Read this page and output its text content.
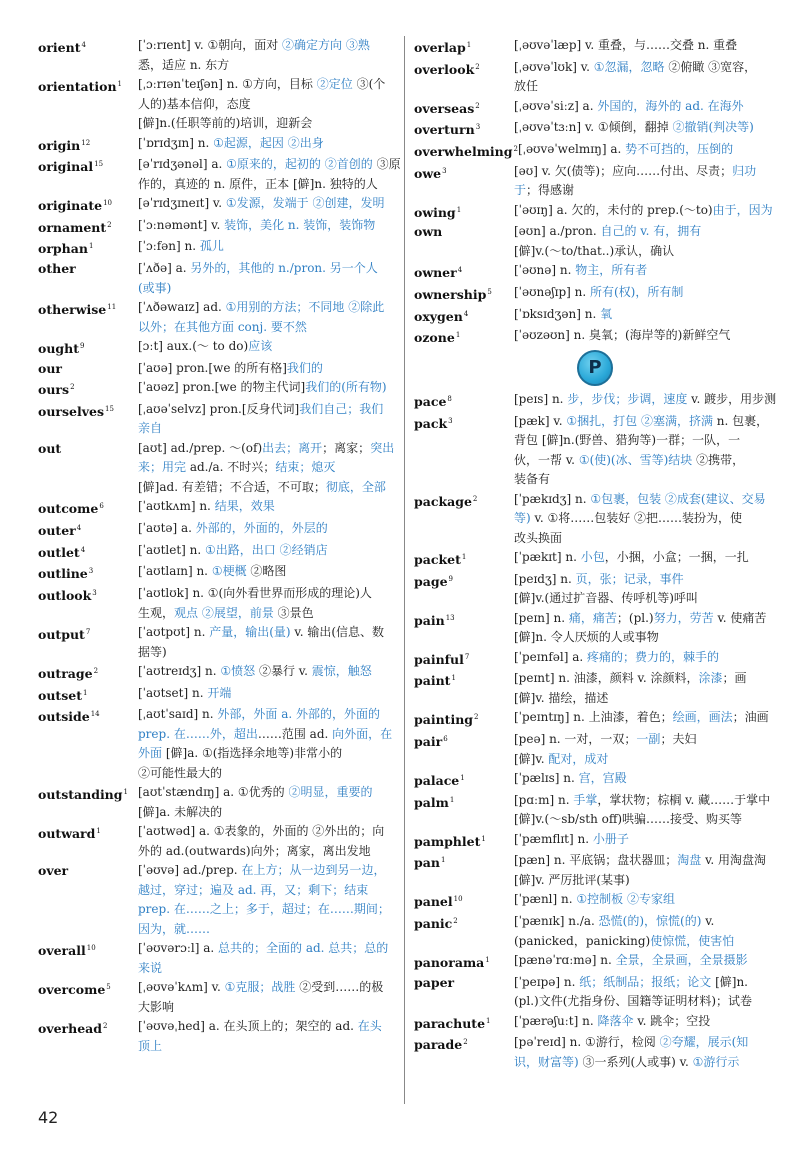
orient$^4$	[ˈɔːrɪent] v. ①朝向，面对 ②确定方向 ③熟
悉，适应 n. 东方
orientation$^1$	[ˌɔːrɪənˈteɪʃən] n. ①方向，目标 ②定位 ③(个
人的)基本信仰，态度
[僻]n.(任职等前的)培训，迎新会
origin$^{12}$	[ˈɒrɪdʒɪn] n. ①起源，起因 ②出身
original$^{15}$	[əˈrɪdʒənəl] a. ①原来的，起初的 ②首创的 ③原
作的，真迹的 n. 原件，正本 [僻]n. 独特的人
originate$^{10}$	[əˈrɪdʒɪneɪt] v. ①发源，发端于 ②创建，发明
ornament$^2$	[ˈɔːnəmənt] v. 装饰，美化 n. 装饰，装饰物
orphan$^1$	[ˈɔːfən] n. 孤儿
other	[ˈʌðə] a. 另外的，其他的 n./pron. 另一个人
(或事)
otherwise$^{11}$	[ˈʌðəwaɪz] ad. ①用别的方法；不同地 ②除此
以外；在其他方面 conj. 要不然
ought$^9$	[ɔːt] aux.(～ to do)应该
our	[ˈaʊə] pron.[we 的所有格]我们的
ours$^2$	[ˈaʊəz] pron.[we 的物主代词]我们的(所有物)
ourselves$^{15}$	[ˌaʊəˈselvz] pron.[反身代词]我们自己；我们
亲自
out	[aʊt] ad./prep. ～(of)出去；离开；离家；突出
来；用完 ad./a. 不时兴；结束；熄灭
[僻]ad. 有差错；不合适，不可取；彻底，全部
outcome$^6$	[ˈaʊtkʌm] n. 结果，效果
outer$^4$	[ˈaʊtə] a. 外部的，外面的，外层的
outlet$^4$	[ˈaʊtlet] n. ①出路，出口 ②经销店
outline$^3$	[ˈaʊtlaɪn] n. ①梗概 ②略图
outlook$^3$	[ˈaʊtlʊk] n. ①(向外看世界而形成的理论)人
生观，观点 ②展望，前景 ③景色
output$^7$	[ˈaʊtpʊt] n. 产量，输出(量) v. 输出(信息、数
据等)
outrage$^2$	[ˈaʊtreɪdʒ] n. ①愤怒 ②暴行 v. 震惊，触怒
outset$^1$	[ˈaʊtset] n. 开端
outside$^{14}$	[ˌaʊtˈsaɪd] n. 外部，外面 a. 外部的，外面的
prep. 在……外，超出……范围 ad. 向外面，在
外面 [僻]a. ①(指选择余地等)非常小的
②可能性最大的
outstanding$^1$ [aʊtˈstændɪŋ] a. ①优秀的 ②明显，重要的
[僻]a. 未解决的
outward$^1$	[ˈaʊtwəd] a. ①表象的，外面的 ②外出的；向
外的 ad.(outwards)向外；离家，离出发地
over	[ˈəʊvə] ad./prep. 在上方；从一边到另一边，
越过，穿过；遍及 ad. 再，又；剩下；结束
prep. 在……之上；多于，超过；在……期间；
因为，就……
overall$^{10}$	[ˈəʊvərɔːl] a. 总共的；全面的 ad. 总共；总的
来说
overcome$^5$	[ˌəʊvəˈkʌm] v. ①克服；战胜 ②受到……的极
大影响
overhead$^2$	[ˈəʊvəˌhed] a. 在头顶上的；架空的 ad. 在头
顶上
overlap$^1$	[ˌəʊvəˈlæp] v. 重叠，与……交叠 n. 重叠
overlook$^2$	[ˌəʊvəˈlʊk] v. ①忽漏，忽略 ②俯瞰 ③宽容，
放任
overseas$^2$	[ˌəʊvəˈsiːz] a. 外国的，海外的 ad. 在海外
overturn$^3$	[ˌəʊvəˈtɜːn] v. ①倾倒，翻掉 ②撤销(判决等)
overwhelming$^2$ [ˌəʊvəˈwelmɪŋ] a. 势不可挡的，压倒的
owe$^3$	[əʊ] v. 欠(债等)；应向……付出、尽责；归功
于；得感谢
owing$^1$	[ˈəʊɪŋ] a. 欠的，未付的 prep.(～to)由于，因为
own	[əʊn] a./pron. 自己的 v. 有，拥有
[僻]v.(～to/that..)承认，确认
owner$^4$	[ˈəʊnə] n. 物主，所有者
ownership$^5$	[ˈəʊnəʃɪp] n. 所有(权)，所有制
oxygen$^4$	[ˈɒksɪdʒən] n. 氧
ozone$^1$	[ˈəʊzəʊn] n. 臭氧；(海岸等的)新鲜空气
P
pace$^8$	[peɪs] n. 步，步伐；步调，速度 v. 踱步，用步测
pack$^3$	[pæk] v. ①捆扎，打包 ②塞满，挤满 n. 包裹，
背包 [僻]n.(野兽、猎狗等)一群；一队，一
伙，一帮 v. ①(使)(冰、雪等)结块 ②携带，
装备有
package$^2$	[ˈpækɪdʒ] n. ①包裹，包装 ②成套(建议、交易
等) v. ①将……包装好 ②把……装扮为，使
改头换面
packet$^1$	[ˈpækɪt] n. 小包，小捆，小盒；一捆，一扎
page$^9$	[peɪdʒ] n. 页，张；记录，事件
[僻]v.(通过扩音器、传呼机等)呼叫
pain$^{13}$	[peɪn] n. 痛，痛苦；(pl.)努力，劳苦 v. 使痛苦
[僻]n. 令人厌烦的人或事物
painful$^7$	[ˈpeɪnfəl] a. 疼痛的；费力的，棘手的
paint$^1$	[peɪnt] n. 油漆，颜料 v. 涂颜料，涂漆；画
[僻]v. 描绘，描述
painting$^2$	[ˈpeɪntɪŋ] n. 上油漆，着色；绘画，画法；油画
pair$^6$	[peə] n. 一对，一双；一副；夫妇
[僻]v. 配对，成对
palace$^1$	[ˈpælɪs] n. 宫，宫殿
palm$^1$	[pɑːm] n. 手掌，掌状物；棕榈 v. 藏……于掌中
[僻]v.(～sb/sth off)哄骗……接受、购买等
pamphlet$^1$	[ˈpæmflɪt] n. 小册子
pan$^1$	[pæn] n. 平底锅；盘状器皿；淘盘 v. 用淘盘淘
[僻]v. 严厉批评(某事)
panel$^{10}$	[ˈpænl] n. ①控制板 ②专家组
panic$^2$	[ˈpænɪk] n./a. 恐慌(的)，惊慌(的) v.
(panicked，panicking)使惊慌，使害怕
panorama$^1$	[pænəˈrɑːmə] n. 全景，全景画，全景摄影
paper	[ˈpeɪpə] n. 纸；纸制品；报纸；论文 [僻]n.
(pl.)文件(尤指身份、国籍等证明材料)；试卷
parachute$^1$	[ˈpærəʃuːt] n. 降落伞 v. 跳伞；空投
parade$^2$	[pəˈreɪd] n. ①游行，检阅 ②夸耀，展示(知
识，财富等) ③一系列(人或事) v. ①游行示
42
